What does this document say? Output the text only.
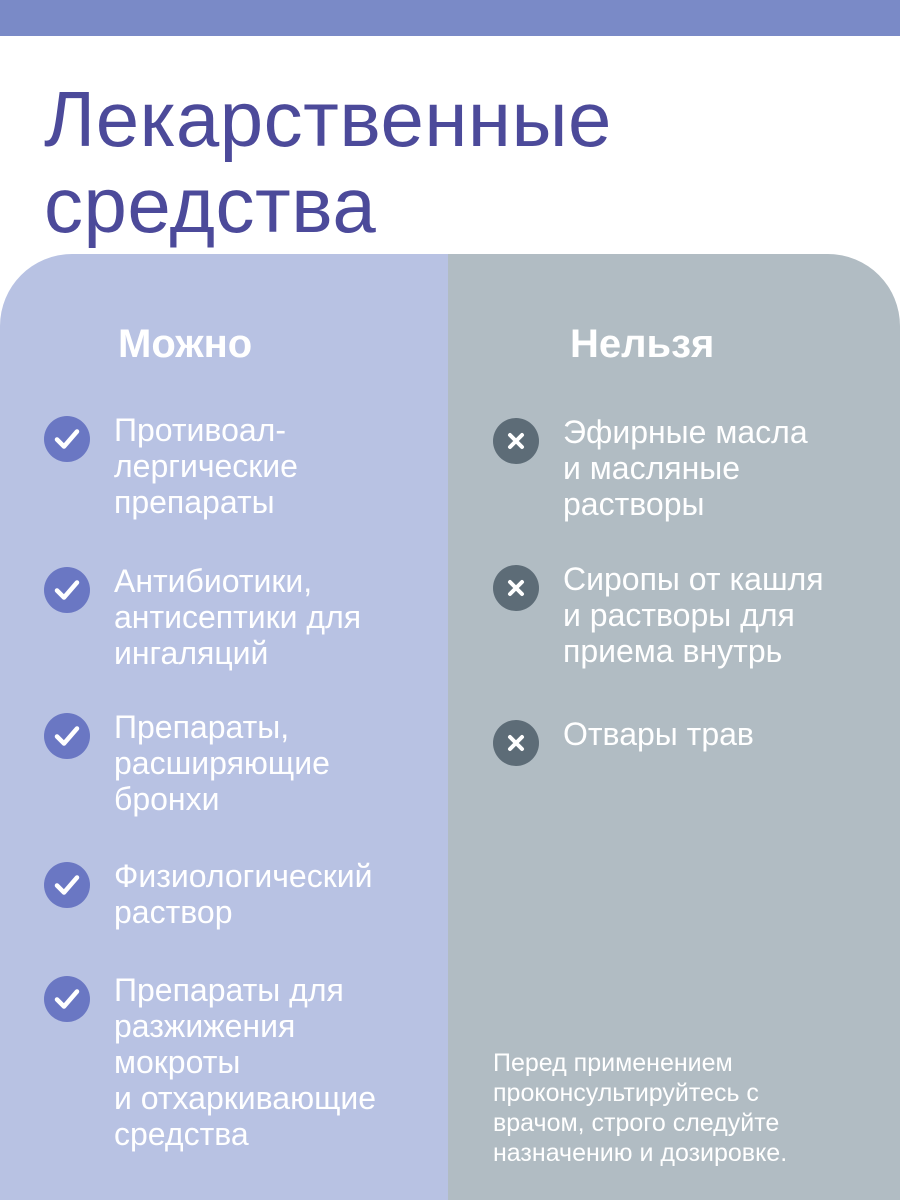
Лекарственные
средства
Можно
Противоал-
лергические
препараты
Антибиотики,
антисептики для
ингаляций
Препараты,
расширяющие
бронхи
Физиологический
раствор
Препараты для
разжижения
мокроты
и отхаркивающие
средства
Нельзя
Эфирные масла
и масляные
растворы
Сиропы от кашля
и растворы для
приема внутрь
Отвары трав

Перед применением
проконсультируйтесь с
врачом, строго следуйте
назначению и дозировке.
